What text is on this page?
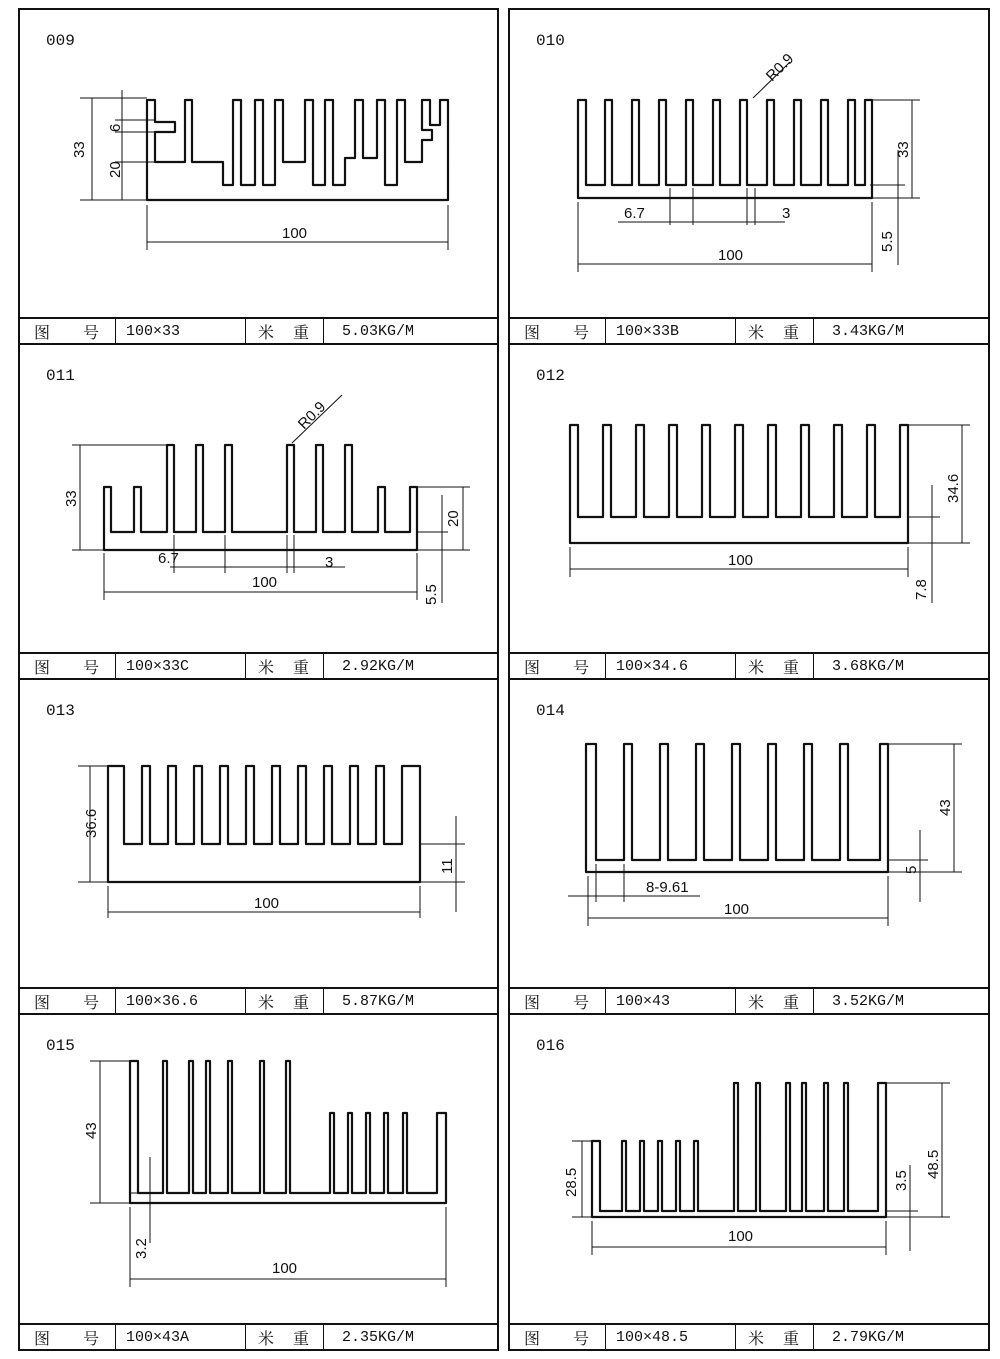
009
33
6
20
100
图 号	100×33	米 重	5.03KG/M
010
R0.9
33
6.7	3
5.5
100
图 号	100×33B	米 重	3.43KG/M
011
R0.9
33
20
6.7	3
100
5.5
图 号	100×33C	米 重	2.92KG/M
012
34.6
100
7.8
图 号	100×34.6	米 重	3.68KG/M
013
36.6
11
100
图 号	100×36.6	米 重	5.87KG/M
014
43
5
8-9.61
100
图 号	100×43	米 重	3.52KG/M
015
43
3.2
100
图 号	100×43A	米 重	2.35KG/M
016
28.5	3.5
48.5
100
图 号	100×48.5	米 重	2.79KG/M
